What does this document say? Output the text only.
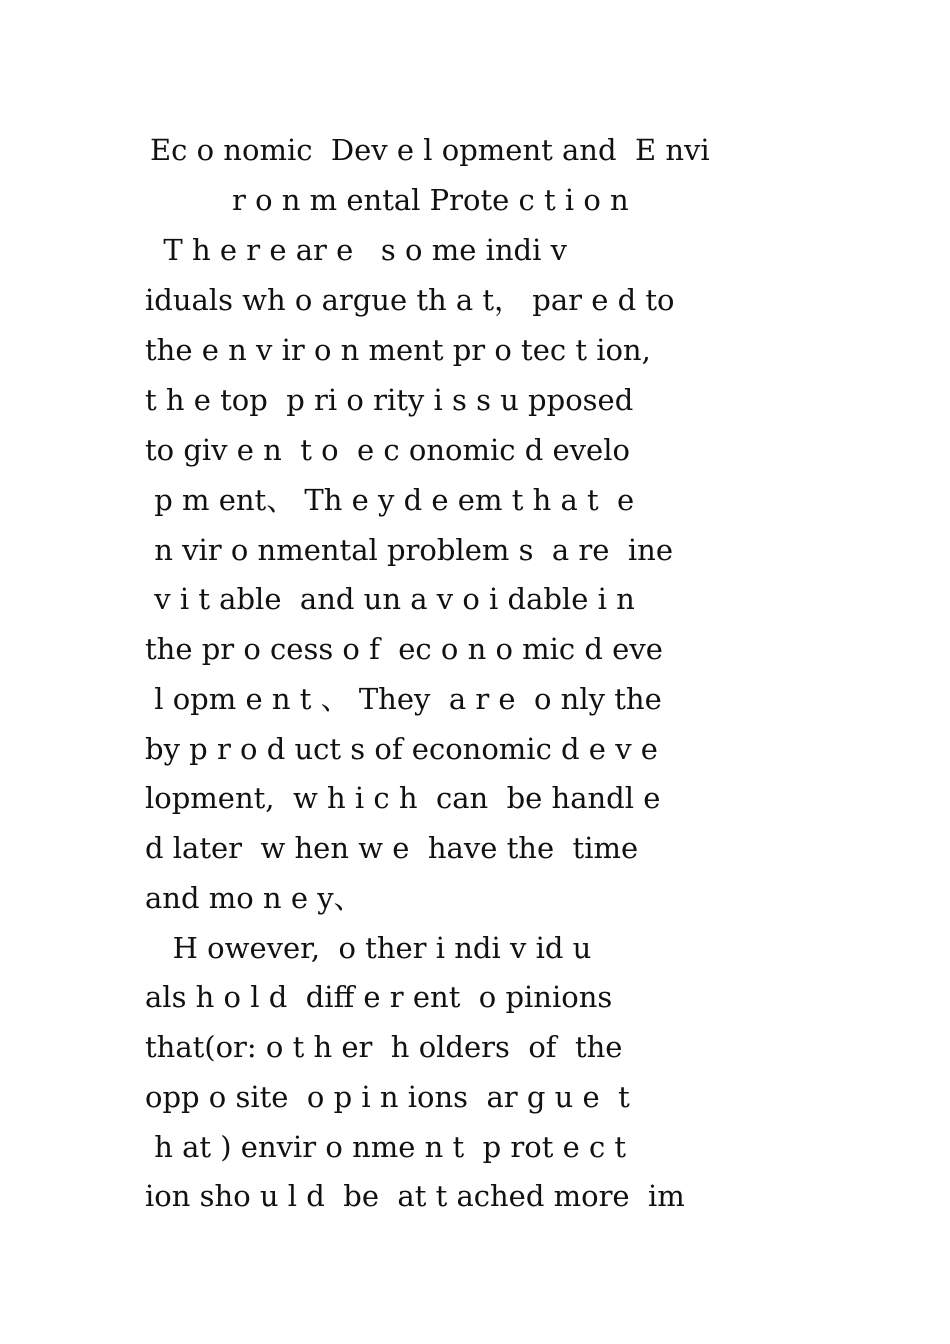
Ec o nomic  Dev e l opment and  E nvi
r o n m ental Prote c t i o n
T h e r e ar e   s o me indi v
iduals wh o argue th a t， par e d to
the e n v ir o n ment pr o tec t ion,
t h e top  p ri o rity i s s u pposed
to giv e n  t o  e c onomic d evelo
p m ent、 Th e y d e em t h a t  e
n vir o nmental problem s  a re  ine
v i t able  and un a v o i dable i n
the pr o cess o f  ec o n o mic d eve
l opm e n t 、 They  a r e  o nly the
by p r o d uct s of economic d e v e
lopment,  w h i c h  can  be handl e
d later  w hen w e  have the  time
and mo n e y、
H owever,  o ther i ndi v id u
als h o l d  diff e r ent  o pinions
that(or: o t h er  h olders  of  the
opp o site  o p i n ions  ar g u e  t
h at ) envir o nme n t  p rot e c t
ion sho u l d  be  at t ached more  im
